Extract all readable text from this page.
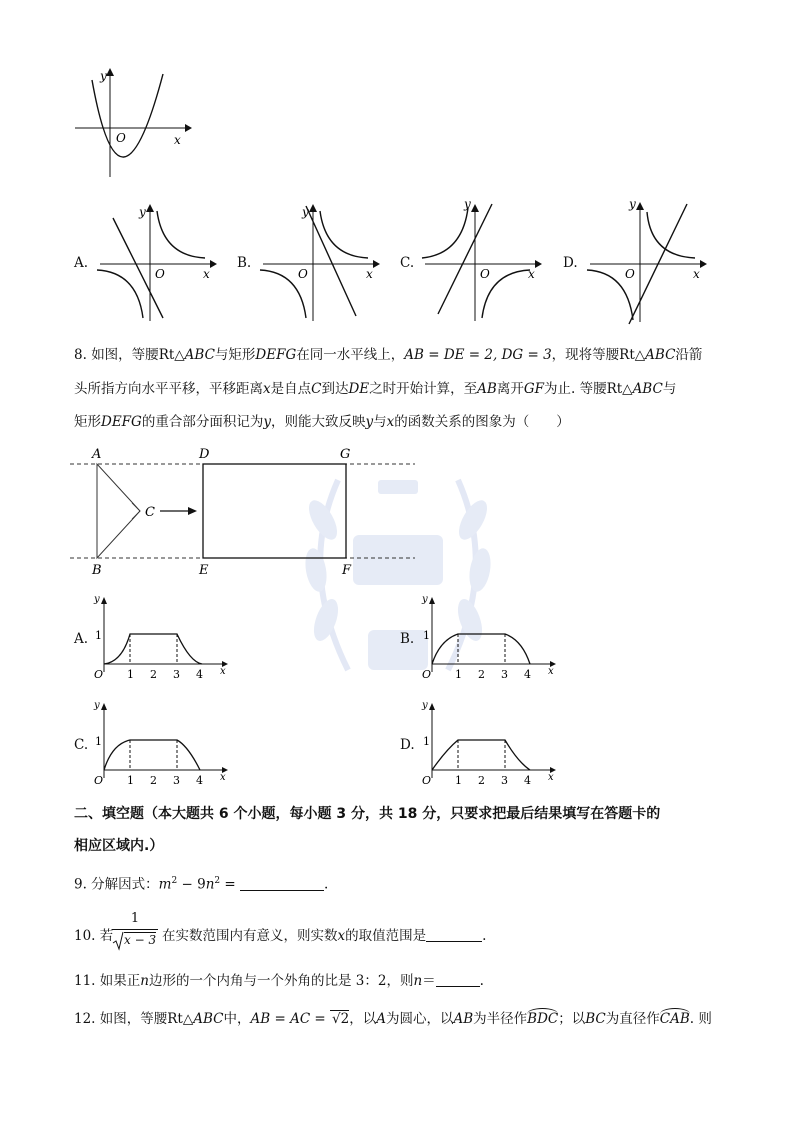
y
O	x
A.
y
O	x
B.
y
O	x
C.
y
O	x
D.
y
O	x
8. 如图，等腰Rt△ABC与矩形DEFG在同一水平线上，AB = DE = 2, DG = 3，现将等腰Rt△ABC沿箭
头所指方向水平平移，平移距离x是自点C到达DE之时开始计算，至AB离开GF为止. 等腰Rt△ABC与
矩形DEFG的重合部分面积记为y，则能大致反映y与x的函数关系的图象为（　　）
A
B
C
D
E	F
G
A.
y
1
O 1 2 3 4 x
B.
y
1
O 1 2 3 4 x
C.
y
1
O 1 2 3 4 x
D.
y
1
O 1 2 3 4 x
二、填空题（本大题共 6 个小题，每小题 3 分，共 18 分，只要求把最后结果填写在答题卡的
相应区域内.）
9. 分解因式：$m^2 - 9n^2$ =	.
10. 若
1
x − 3 在实数范围内有意义，则实数x的取值范围是	.
11. 如果正n边形的一个内角与一个外角的比是 3：2，则n＝	.
12. 如图，等腰Rt△ABC中，AB = AC = √2，以A为圆心，以AB为半径作BDC；以BC为直径作CAB. 则
